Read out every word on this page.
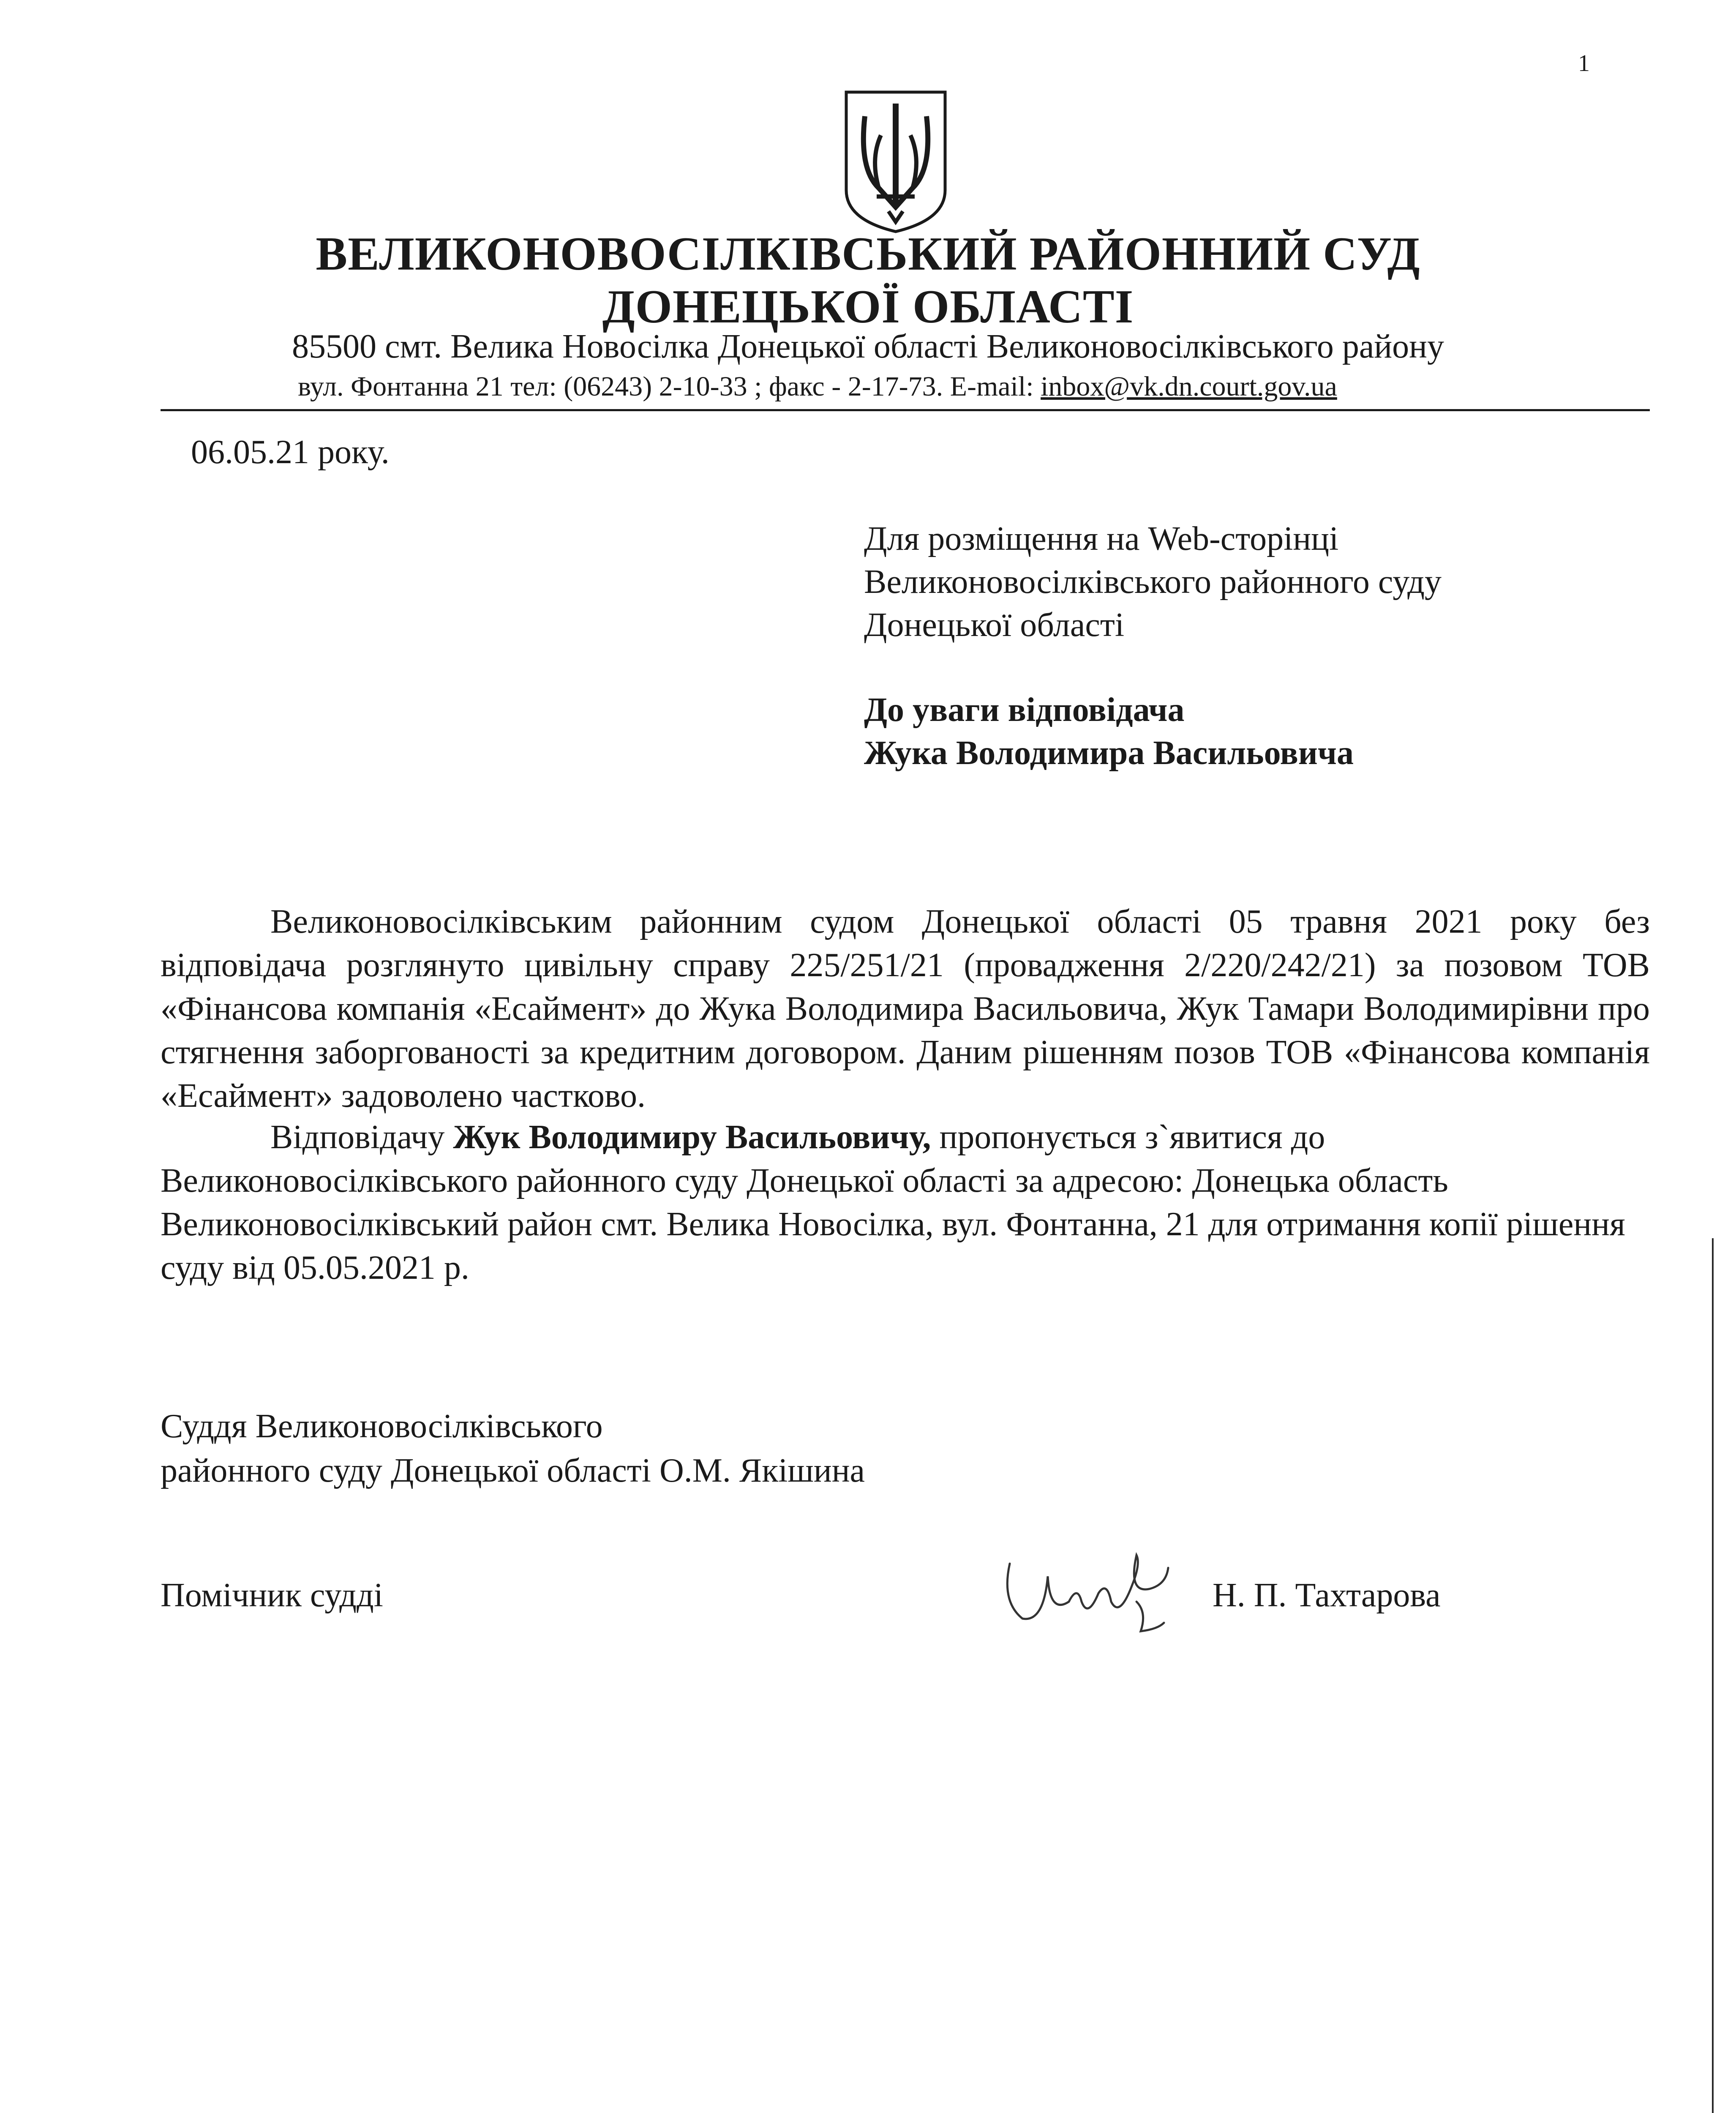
1
ВЕЛИКОНОВОСІЛКІВСЬКИЙ РАЙОННИЙ СУД
ДОНЕЦЬКОЇ ОБЛАСТІ
85500 смт. Велика Новосілка Донецької області Великоновосілківського району
вул. Фонтанна 21 тел: (06243) 2-10-33 ; факс - 2-17-73. E-mail: inbox@vk.dn.court.gov.ua
06.05.21 року.
Для розміщення на Web-сторінці
Великоновосілківського районного суду
Донецької області
До уваги відповідача
Жука Володимира Васильовича

Великоновосілківським районним судом Донецької області 05 травня 2021 року без відповідача розглянуто цивільну справу 225/251/21 (провадження 2/220/242/21) за позовом ТОВ «Фінансова компанія «Есаймент» до Жука Володимира Васильовича, Жук Тамари Володимирівни про стягнення заборгованості за кредитним договором. Даним рішенням позов ТОВ «Фінансова компанія «Есаймент» задоволено частково.

Відповідачу Жук Володимиру Васильовичу, пропонується з`явитися до Великоновосілківського районного суду Донецької області за адресою: Донецька область Великоновосілківський район смт. Велика Новосілка, вул. Фонтанна, 21 для отримання копії рішення суду від 05.05.2021 р.

Суддя Великоновосілківського
районного суду Донецької області О.М. Якішина
Помічник судді	Н. П. Тахтарова
